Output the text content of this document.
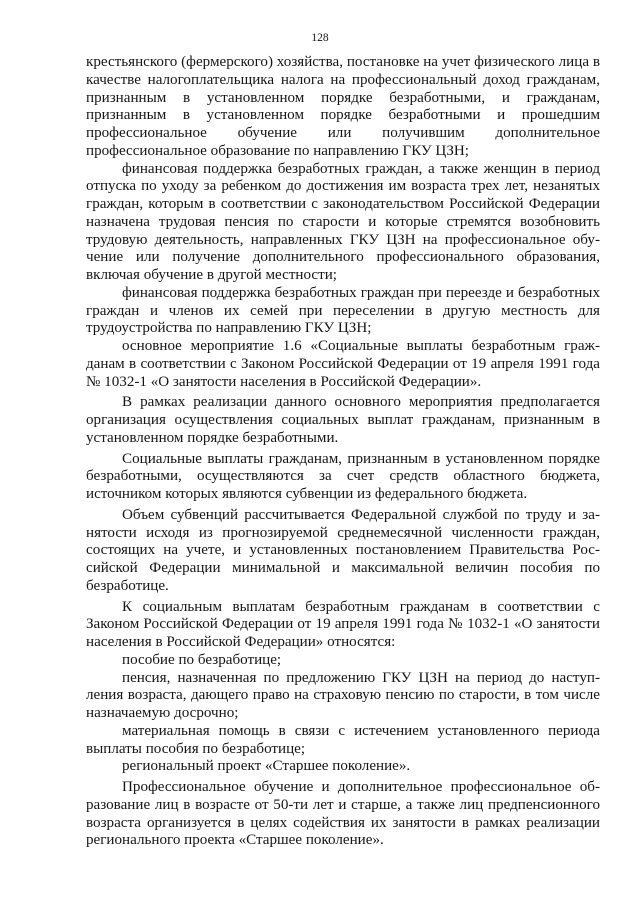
128

крестьянского (фермерского) хозяйства, постановке на учет физического лица в качестве налогоплательщика налога на профессиональный доход гражданам, признанным в установленном порядке безработными, и гражданам, признанным в установленном порядке безработными и прошедшим профессиональное обучение или получившим дополнительное профессиональное образование по направлению ГКУ ЦЗН;

финансовая поддержка безработных граждан, а также женщин в период отпуска по уходу за ребенком до достижения им возраста трех лет, незанятых граждан, которым в соответствии с законодательством Российской Федерации назначена трудовая пенсия по старости и которые стремятся возобновить трудовую деятельность, направленных ГКУ ЦЗН на профессиональное обучение или получение дополнительного профессионального образования, включая обучение в другой местности;

финансовая поддержка безработных граждан при переезде и безработных граждан и членов их семей при переселении в другую местность для трудоустройства по направлению ГКУ ЦЗН;

основное мероприятие 1.6 «Социальные выплаты безработным гражданам в соответствии с Законом Российской Федерации от 19 апреля 1991 года № 1032-1 «О занятости населения в Российской Федерации».

В рамках реализации данного основного мероприятия предполагается организация осуществления социальных выплат гражданам, признанным в установленном порядке безработными.

Социальные выплаты гражданам, признанным в установленном порядке безработными, осуществляются за счет средств областного бюджета, источником которых являются субвенции из федерального бюджета.

Объем субвенций рассчитывается Федеральной службой по труду и занятости исходя из прогнозируемой среднемесячной численности граждан, состоящих на учете, и установленных постановлением Правительства Российской Федерации минимальной и максимальной величин пособия по безработице.

К социальным выплатам безработным гражданам в соответствии с Законом Российской Федерации от 19 апреля 1991 года № 1032-1 «О занятости населения в Российской Федерации» относятся:

пособие по безработице;

пенсия, назначенная по предложению ГКУ ЦЗН на период до наступления возраста, дающего право на страховую пенсию по старости, в том числе назначаемую досрочно;

материальная помощь в связи с истечением установленного периода выплаты пособия по безработице;

региональный проект «Старшее поколение».

Профессиональное обучение и дополнительное профессиональное образование лиц в возрасте от 50-ти лет и старше, а также лиц предпенсионного возраста организуется в целях содействия их занятости в рамках реализации регионального проекта «Старшее поколение».
